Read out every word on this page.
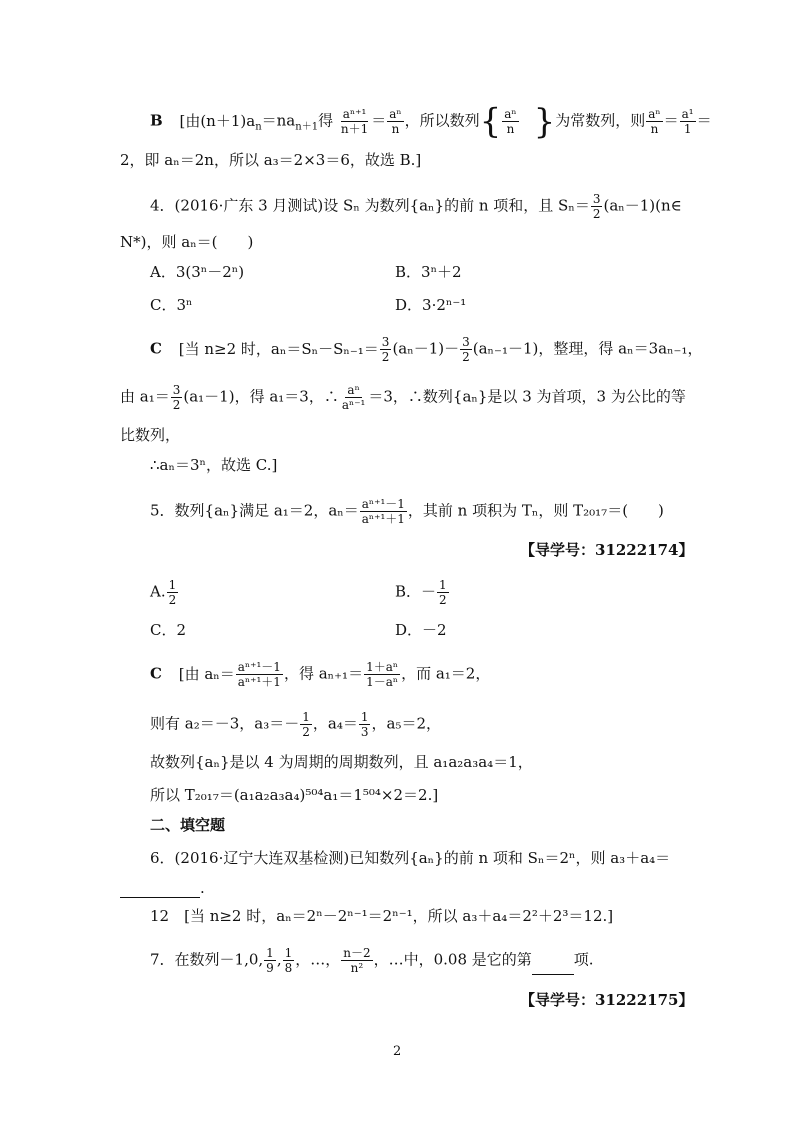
B [由$(n+1)a_n=na_{n+1}$得 $\frac{\text{aⁿ⁺¹}}{n+1} = \frac{\text{aⁿ}}{n}$ ，所以数列{ $\frac{\text{aⁿ}}{n}$ }为常数列，则 $\frac{\text{aⁿ}}{n} = \frac{\text{a¹}}{1}$ ＝
2，即 aₙ＝2n，所以 a₃＝2×3＝6，故选 B.]
4．(2016·广东 3 月测试)设 Sₙ 为数列{aₙ}的前 n 项和，且 $S_n= \frac{3}{2}$ (aₙ－1)(n∈
N*)，则 aₙ＝(　　)
A．3(3ⁿ－2ⁿ)	B．3ⁿ＋2
C．3ⁿ	D．3·2ⁿ⁻¹
C [当 n≥2 时，$a_n=S_n-S_{n-1}= \frac{3}{2} (a_n-1)- \frac{3}{2} (a_{n-1}-1)$，整理，得 aₙ＝3aₙ₋₁，
由 $a_1= \frac{3}{2} (a_1-1)$，得 a₁＝3，∴ $\frac{\text{aⁿ}}{\text{aⁿ⁻¹}} =3$，∴数列{aₙ}是以 3 为首项，3 为公比的等
比数列，
∴aₙ＝3ⁿ，故选 C.]
5．数列{aₙ}满足 a₁＝2，$a_n= \frac{\text{aⁿ⁺¹－1}}{\text{aⁿ⁺¹＋1}}$ ，其前 n 项积为 Tₙ，则 T₂₀₁₇＝(　　)
【导学号：31222174】
A. $\frac{1}{2}$	B．－ $\frac{1}{2}$
C．2	D．－2
C [由 $a_n= \frac{\text{aⁿ⁺¹－1}}{\text{aⁿ⁺¹＋1}}$ ，得 $a_{n+1}= \frac{\text{1＋aⁿ}}{\text{1－aⁿ}}$ ，而 a₁＝2，
则有 a₂＝－3，$a_3=- \frac{1}{2}$ ，$a_4= \frac{1}{3}$ ，a₅＝2，
故数列{aₙ}是以 4 为周期的周期数列，且 a₁a₂a₃a₄＝1，
所以 T₂₀₁₇＝(a₁a₂a₃a₄)⁵⁰⁴a₁＝1⁵⁰⁴×2＝2.]
二、填空题
6．(2016·辽宁大连双基检测)已知数列{aₙ}的前 n 项和 Sₙ＝2ⁿ，则 a₃＋a₄＝
.
12　[当 n≥2 时，aₙ＝2ⁿ－2ⁿ⁻¹＝2ⁿ⁻¹，所以 a₃＋a₄＝2²＋2³＝12.]
7．在数列－1,0, $\frac{1}{9}$ , $\frac{1}{8}$ ，…， $\frac{n-2}{\text{n²}}$ ，…中，0.08 是它的第	项.
【导学号：31222175】
2
